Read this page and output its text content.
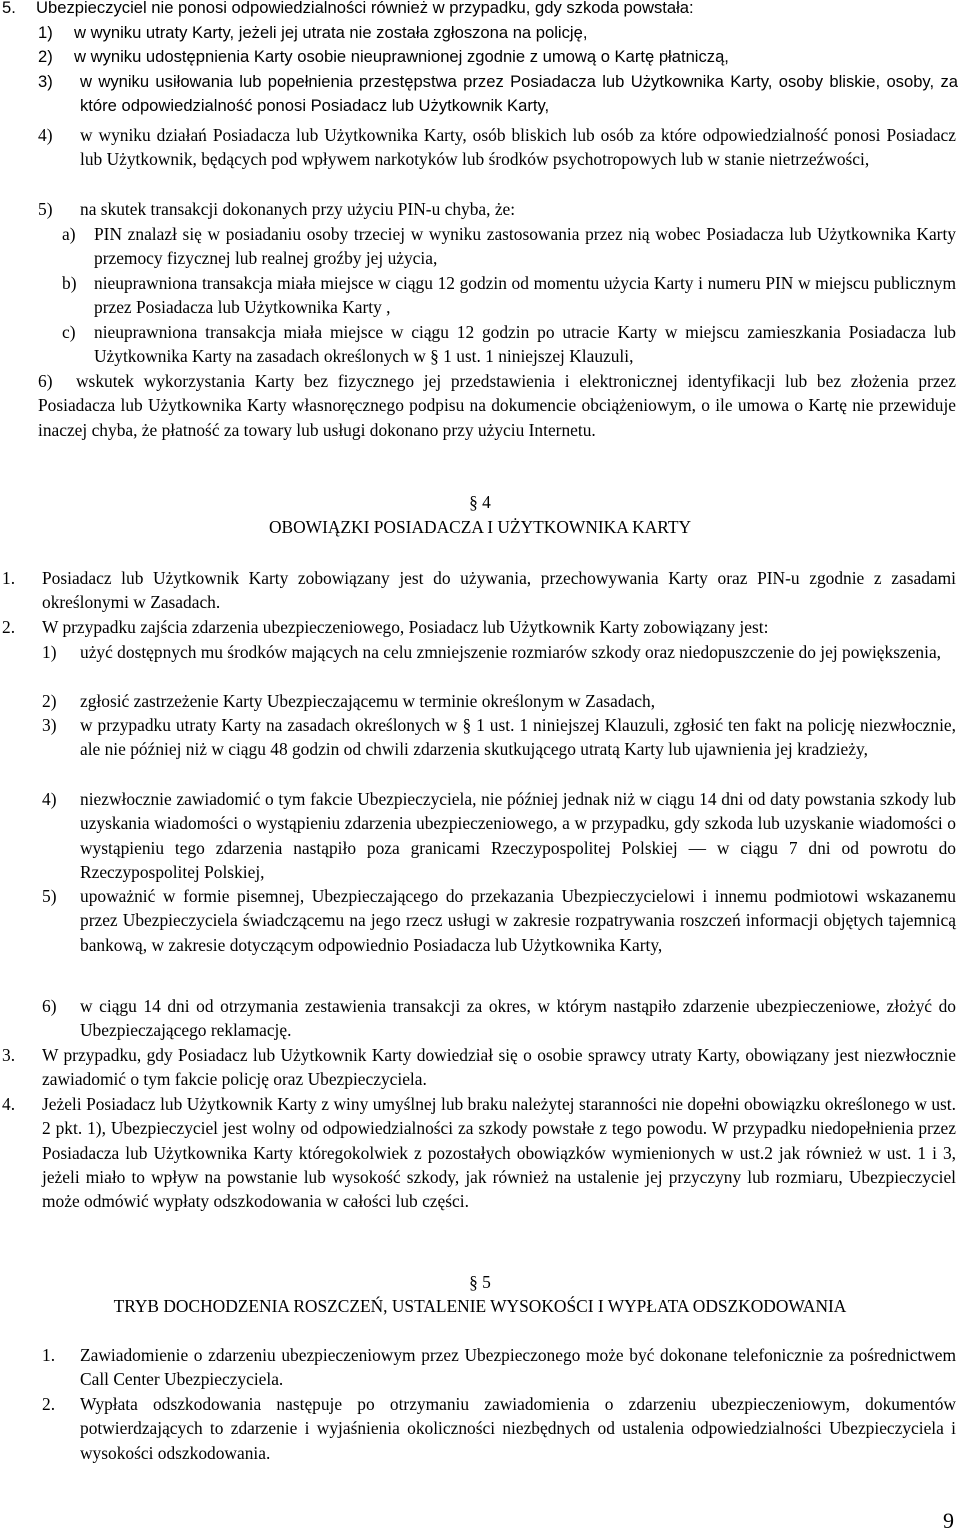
5. Ubezpieczyciel nie ponosi odpowiedzialności również w przypadku, gdy szkoda powstała:
1) w wyniku utraty Karty, jeżeli jej utrata nie została zgłoszona na policję,
2) w wyniku udostępnienia Karty osobie nieuprawnionej zgodnie z umową o Kartę płatniczą,
3) w wyniku usiłowania lub popełnienia przestępstwa przez Posiadacza lub Użytkownika Karty, osoby bliskie, osoby, za które odpowiedzialność ponosi Posiadacz lub Użytkownik Karty,
4) w wyniku działań Posiadacza lub Użytkownika Karty, osób bliskich lub osób za które odpowiedzialność ponosi Posiadacz lub Użytkownik, będących pod wpływem narkotyków lub środków psychotropowych lub w stanie nietrzeźwości,
5) na skutek transakcji dokonanych przy użyciu PIN-u chyba, że:
a) PIN znalazł się w posiadaniu osoby trzeciej w wyniku zastosowania przez nią wobec Posiadacza lub Użytkownika Karty przemocy fizycznej lub realnej groźby jej użycia,
b) nieuprawniona transakcja miała miejsce w ciągu 12 godzin od momentu użycia Karty i numeru PIN w miejscu publicznym przez Posiadacza lub Użytkownika Karty ,
c) nieuprawniona transakcja miała miejsce w ciągu 12 godzin po utracie Karty w miejscu zamieszkania Posiadacza lub Użytkownika Karty na zasadach określonych w § 1 ust. 1 niniejszej Klauzuli,
6)	wskutek wykorzystania Karty bez fizycznego jej przedstawienia i elektronicznej identyfikacji lub bez złożenia przez Posiadacza lub Użytkownika Karty własnoręcznego podpisu na dokumencie obciążeniowym, o ile umowa o Kartę nie przewiduje inaczej chyba, że płatność za towary lub usługi dokonano przy użyciu Internetu.
§ 4
OBOWIĄZKI POSIADACZA I UŻYTKOWNIKA KARTY
1. Posiadacz lub Użytkownik Karty zobowiązany jest do używania, przechowywania Karty oraz PIN-u zgodnie z zasadami określonymi w Zasadach.
2. W przypadku zajścia zdarzenia ubezpieczeniowego, Posiadacz lub Użytkownik Karty zobowiązany jest:
1) użyć dostępnych mu środków mających na celu zmniejszenie rozmiarów szkody oraz niedopuszczenie do jej powiększenia,
2) zgłosić zastrzeżenie Karty Ubezpieczającemu w terminie określonym w Zasadach,
3) w przypadku utraty Karty na zasadach określonych w § 1 ust. 1 niniejszej Klauzuli, zgłosić ten fakt na policję niezwłocznie, ale nie później niż w ciągu 48 godzin od chwili zdarzenia skutkującego utratą Karty lub ujawnienia jej kradzieży,
4) niezwłocznie zawiadomić o tym fakcie Ubezpieczyciela, nie później jednak niż w ciągu 14 dni od daty powstania szkody lub uzyskania wiadomości o wystąpieniu zdarzenia ubezpieczeniowego, a w przypadku, gdy szkoda lub uzyskanie wiadomości o wystąpieniu tego zdarzenia nastąpiło poza granicami Rzeczypospolitej Polskiej — w ciągu 7 dni od powrotu do Rzeczypospolitej Polskiej,
5) upoważnić w formie pisemnej, Ubezpieczającego do przekazania Ubezpieczycielowi i innemu podmiotowi wskazanemu przez Ubezpieczyciela świadczącemu na jego rzecz usługi w zakresie rozpatrywania roszczeń informacji objętych tajemnicą bankową, w zakresie dotyczącym odpowiednio Posiadacza lub Użytkownika Karty,
6) w ciągu 14 dni od otrzymania zestawienia transakcji za okres, w którym nastąpiło zdarzenie ubezpieczeniowe, złożyć do Ubezpieczającego reklamację.
3. W przypadku, gdy Posiadacz lub Użytkownik Karty dowiedział się o osobie sprawcy utraty Karty, obowiązany jest niezwłocznie zawiadomić o tym fakcie policję oraz Ubezpieczyciela.
4. Jeżeli Posiadacz lub Użytkownik Karty z winy umyślnej lub braku należytej staranności nie dopełni obowiązku określonego w ust. 2 pkt. 1), Ubezpieczyciel jest wolny od odpowiedzialności za szkody powstałe z tego powodu. W przypadku niedopełnienia przez Posiadacza lub Użytkownika Karty któregokolwiek z pozostałych obowiązków wymienionych w ust.2 jak również w ust. 1 i 3, jeżeli miało to wpływ na powstanie lub wysokość szkody, jak również na ustalenie jej przyczyny lub rozmiaru, Ubezpieczyciel może odmówić wypłaty odszkodowania w całości lub części.
§ 5
TRYB DOCHODZENIA ROSZCZEŃ, USTALENIE WYSOKOŚCI I WYPŁATA ODSZKODOWANIA
1. Zawiadomienie o zdarzeniu ubezpieczeniowym przez Ubezpieczonego może być dokonane telefonicznie za pośrednictwem Call Center Ubezpieczyciela.
2. Wypłata odszkodowania następuje po otrzymaniu zawiadomienia o zdarzeniu ubezpieczeniowym, dokumentów potwierdzających to zdarzenie i wyjaśnienia okoliczności niezbędnych od ustalenia odpowiedzialności Ubezpieczyciela i wysokości odszkodowania.
9
